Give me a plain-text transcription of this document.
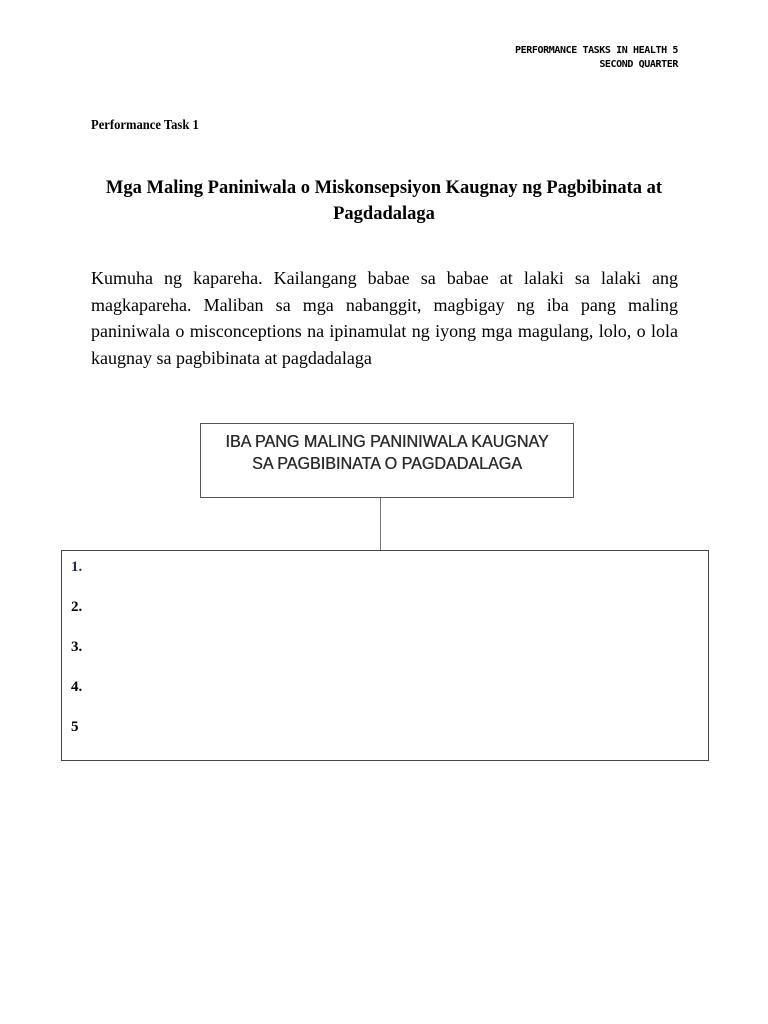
PERFORMANCE TASKS IN HEALTH 5
SECOND QUARTER
Performance Task 1
Mga Maling Paniniwala o Miskonsepsiyon Kaugnay ng Pagbibinata at Pagdadalaga
Kumuha ng kapareha. Kailangang babae sa babae at lalaki sa lalaki ang magkapareha. Maliban sa mga nabanggit, magbigay ng iba pang maling paniniwala o misconceptions na ipinamulat ng iyong mga magulang, lolo, o lola kaugnay sa pagbibinata at pagdadalaga
IBA PANG MALING PANINIWALA KAUGNAY
SA PAGBIBINATA O PAGDADALAGA
1.
2.
3.
4.
5
